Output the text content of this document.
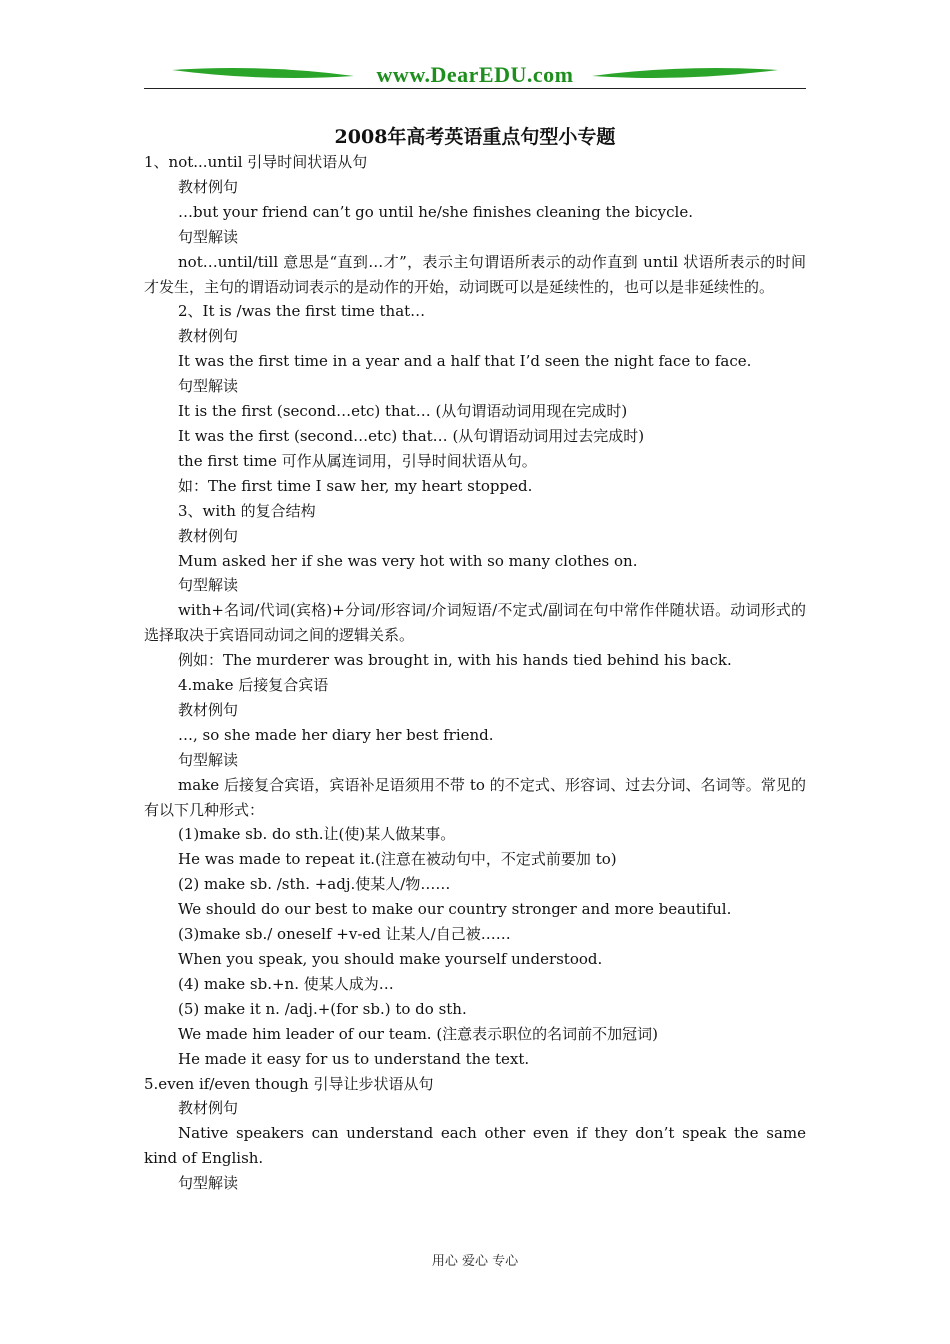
www.DearEDU.com
2008年高考英语重点句型小专题

1、not...until 引导时间状语从句

教材例句

…but your friend can’t go until he/she finishes cleaning the bicycle.

句型解读

not…until/till 意思是“直到…才”，表示主句谓语所表示的动作直到 until 状语所表示的时间才发生，主句的谓语动词表示的是动作的开始，动词既可以是延续性的，也可以是非延续性的。

2、It is /was the first time that…

教材例句

It was the first time in a year and a half that I’d seen the night face to face.

句型解读

It is the first (second…etc) that… (从句谓语动词用现在完成时)

It was the first (second…etc) that… (从句谓语动词用过去完成时)

the first time 可作从属连词用，引导时间状语从句。

如：The first time I saw her, my heart stopped.

3、with 的复合结构

教材例句

Mum asked her if she was very hot with so many clothes on.

句型解读

with+名词/代词(宾格)+分词/形容词/介词短语/不定式/副词在句中常作伴随状语。动词形式的选择取决于宾语同动词之间的逻辑关系。

例如：The murderer was brought in, with his hands tied behind his back.

4.make 后接复合宾语

教材例句

…, so she made her diary her best friend.

句型解读

make 后接复合宾语，宾语补足语须用不带 to 的不定式、形容词、过去分词、名词等。常见的有以下几种形式：

(1)make sb. do sth.让(使)某人做某事。

He was made to repeat it.(注意在被动句中，不定式前要加 to)

(2) make sb. /sth. +adj.使某人/物……

We should do our best to make our country stronger and more beautiful.

(3)make sb./ oneself +v-ed 让某人/自己被……

When you speak, you should make yourself understood.

(4) make sb.+n. 使某人成为…

(5) make it n. /adj.+(for sb.) to do sth.

We made him leader of our team. (注意表示职位的名词前不加冠词)

He made it easy for us to understand the text.

5.even if/even though 引导让步状语从句

教材例句

Native speakers can understand each other even if they don’t speak the same kind of English.

句型解读

用心 爱心 专心
